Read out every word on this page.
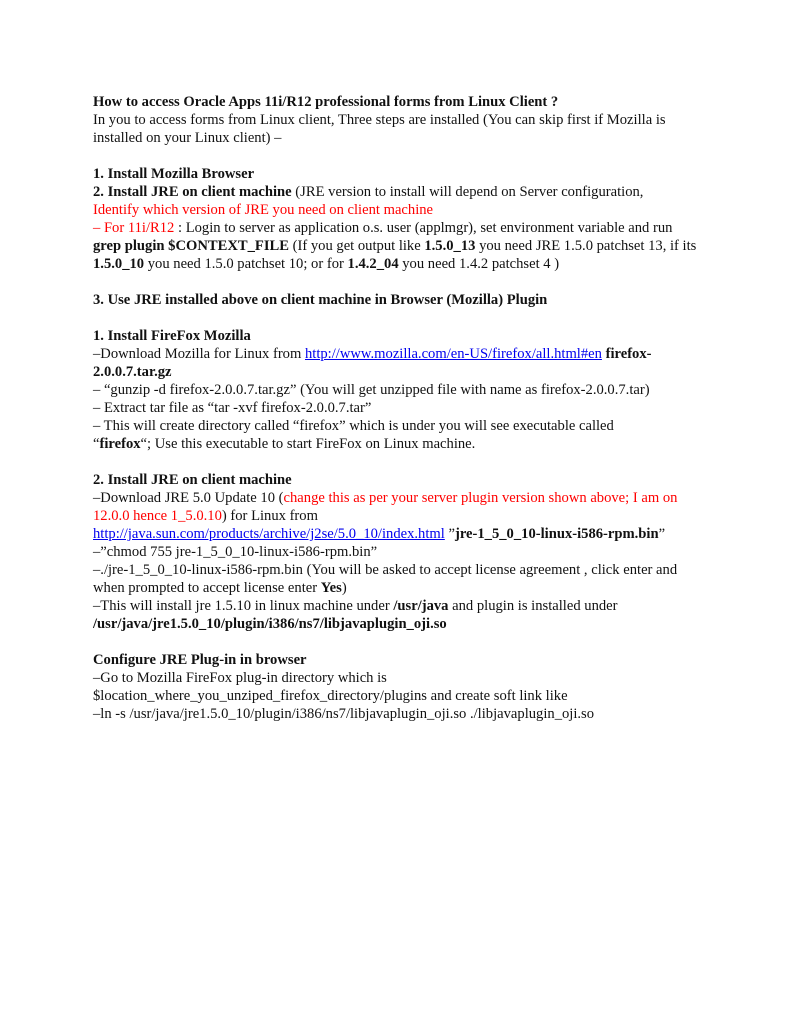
How to access Oracle Apps 11i/R12 professional forms from Linux Client ?

In you to access forms from Linux client, Three steps are installed (You can skip first if Mozilla is installed on your Linux client) –

1. Install Mozilla Browser

2. Install JRE on client machine (JRE version to install will depend on Server configuration,

Identify which version of JRE you need on client machine

– For 11i/R12 : Login to server as application o.s. user (applmgr), set environment variable and run grep plugin $CONTEXT_FILE (If you get output like 1.5.0_13 you need JRE 1.5.0 patchset 13, if its 1.5.0_10 you need 1.5.0 patchset 10; or for 1.4.2_04 you need 1.4.2 patchset 4 )

3. Use JRE installed above on client machine in Browser (Mozilla) Plugin

1. Install FireFox Mozilla

–Download Mozilla for Linux from http://www.mozilla.com/en-US/firefox/all.html#en firefox-2.0.0.7.tar.gz

– “gunzip -d firefox-2.0.0.7.tar.gz” (You will get unzipped file with name as firefox-2.0.0.7.tar)

– Extract tar file as “tar -xvf firefox-2.0.0.7.tar”

– This will create directory called “firefox” which is under you will see executable called

“firefox“; Use this executable to start FireFox on Linux machine.

2. Install JRE on client machine

–Download JRE 5.0 Update 10 (change this as per your server plugin version shown above; I am on 12.0.0 hence 1_5.0.10) for Linux from

http://java.sun.com/products/archive/j2se/5.0_10/index.html ”jre-1_5_0_10-linux-i586-rpm.bin”

–”chmod 755 jre-1_5_0_10-linux-i586-rpm.bin”

–./jre-1_5_0_10-linux-i586-rpm.bin (You will be asked to accept license agreement , click enter and when prompted to accept license enter Yes)

–This will install jre 1.5.10 in linux machine under /usr/java and plugin is installed under

/usr/java/jre1.5.0_10/plugin/i386/ns7/libjavaplugin_oji.so

Configure JRE Plug-in in browser

–Go to Mozilla FireFox plug-in directory which is

$location_where_you_unziped_firefox_directory/plugins and create soft link like

–ln -s /usr/java/jre1.5.0_10/plugin/i386/ns7/libjavaplugin_oji.so ./libjavaplugin_oji.so
